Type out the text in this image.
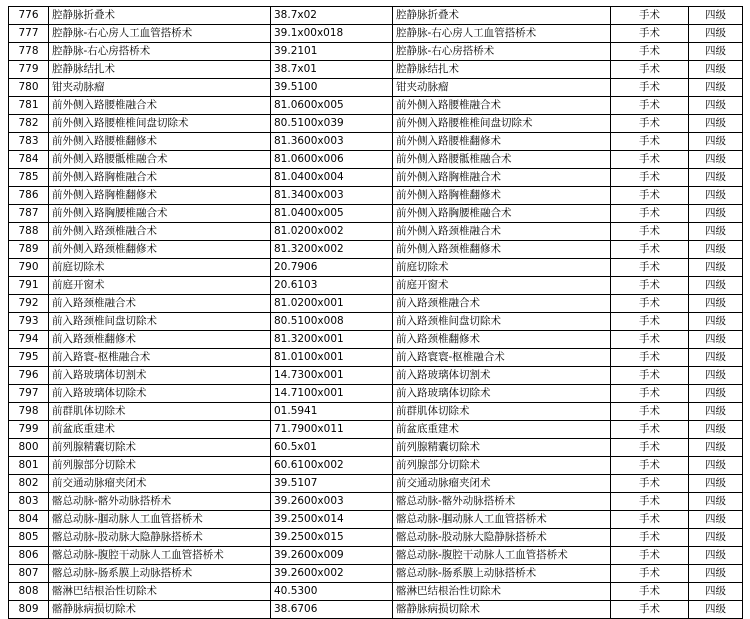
776	腔静脉折叠术	38.7x02	腔静脉折叠术	手术	四级
777	腔静脉-右心房人工血管搭桥术	39.1x00x018	腔静脉-右心房人工血管搭桥术	手术	四级
778	腔静脉-右心房搭桥术	39.2101	腔静脉-右心房搭桥术	手术	四级
779	腔静脉结扎术	38.7x01	腔静脉结扎术	手术	四级
780	钳夹动脉瘤	39.5100	钳夹动脉瘤	手术	四级
781	前外侧入路腰椎融合术	81.0600x005	前外侧入路腰椎融合术	手术	四级
782	前外侧入路腰椎椎间盘切除术	80.5100x039	前外侧入路腰椎椎间盘切除术	手术	四级
783	前外侧入路腰椎翻修术	81.3600x003	前外侧入路腰椎翻修术	手术	四级
784	前外侧入路腰骶椎融合术	81.0600x006	前外侧入路腰骶椎融合术	手术	四级
785	前外侧入路胸椎融合术	81.0400x004	前外侧入路胸椎融合术	手术	四级
786	前外侧入路胸椎翻修术	81.3400x003	前外侧入路胸椎翻修术	手术	四级
787	前外侧入路胸腰椎融合术	81.0400x005	前外侧入路胸腰椎融合术	手术	四级
788	前外侧入路颈椎融合术	81.0200x002	前外侧入路颈椎融合术	手术	四级
789	前外侧入路颈椎翻修术	81.3200x002	前外侧入路颈椎翻修术	手术	四级
790	前庭切除术	20.7906	前庭切除术	手术	四级
791	前庭开窗术	20.6103	前庭开窗术	手术	四级
792	前入路颈椎融合术	81.0200x001	前入路颈椎融合术	手术	四级
793	前入路颈椎间盘切除术	80.5100x008	前入路颈椎间盘切除术	手术	四级
794	前入路颈椎翻修术	81.3200x001	前入路颈椎翻修术	手术	四级
795	前入路寰-枢椎融合术	81.0100x001	前入路寰寰-枢椎融合术	手术	四级
796	前入路玻璃体切割术	14.7300x001	前入路玻璃体切割术	手术	四级
797	前入路玻璃体切除术	14.7100x001	前入路玻璃体切除术	手术	四级
798	前群肌体切除术	01.5941	前群肌体切除术	手术	四级
799	前盆底重建术	71.7900x011	前盆底重建术	手术	四级
800	前列腺精囊切除术	60.5x01	前列腺精囊切除术	手术	四级
801	前列腺部分切除术	60.6100x002	前列腺部分切除术	手术	四级
802	前交通动脉瘤夹闭术	39.5107	前交通动脉瘤夹闭术	手术	四级
803	髂总动脉-髂外动脉搭桥术	39.2600x003	髂总动脉-髂外动脉搭桥术	手术	四级
804	髂总动脉-腘动脉人工血管搭桥术	39.2500x014	髂总动脉-腘动脉人工血管搭桥术	手术	四级
805	髂总动脉-股动脉大隐静脉搭桥术	39.2500x015	髂总动脉-股动脉大隐静脉搭桥术	手术	四级
806	髂总动脉-腹腔干动脉人工血管搭桥术	39.2600x009	髂总动脉-腹腔干动脉人工血管搭桥术	手术	四级
807	髂总动脉-肠系膜上动脉搭桥术	39.2600x002	髂总动脉-肠系膜上动脉搭桥术	手术	四级
808	髂淋巴结根治性切除术	40.5300	髂淋巴结根治性切除术	手术	四级
809	髂静脉病损切除术	38.6706	髂静脉病损切除术	手术	四级
